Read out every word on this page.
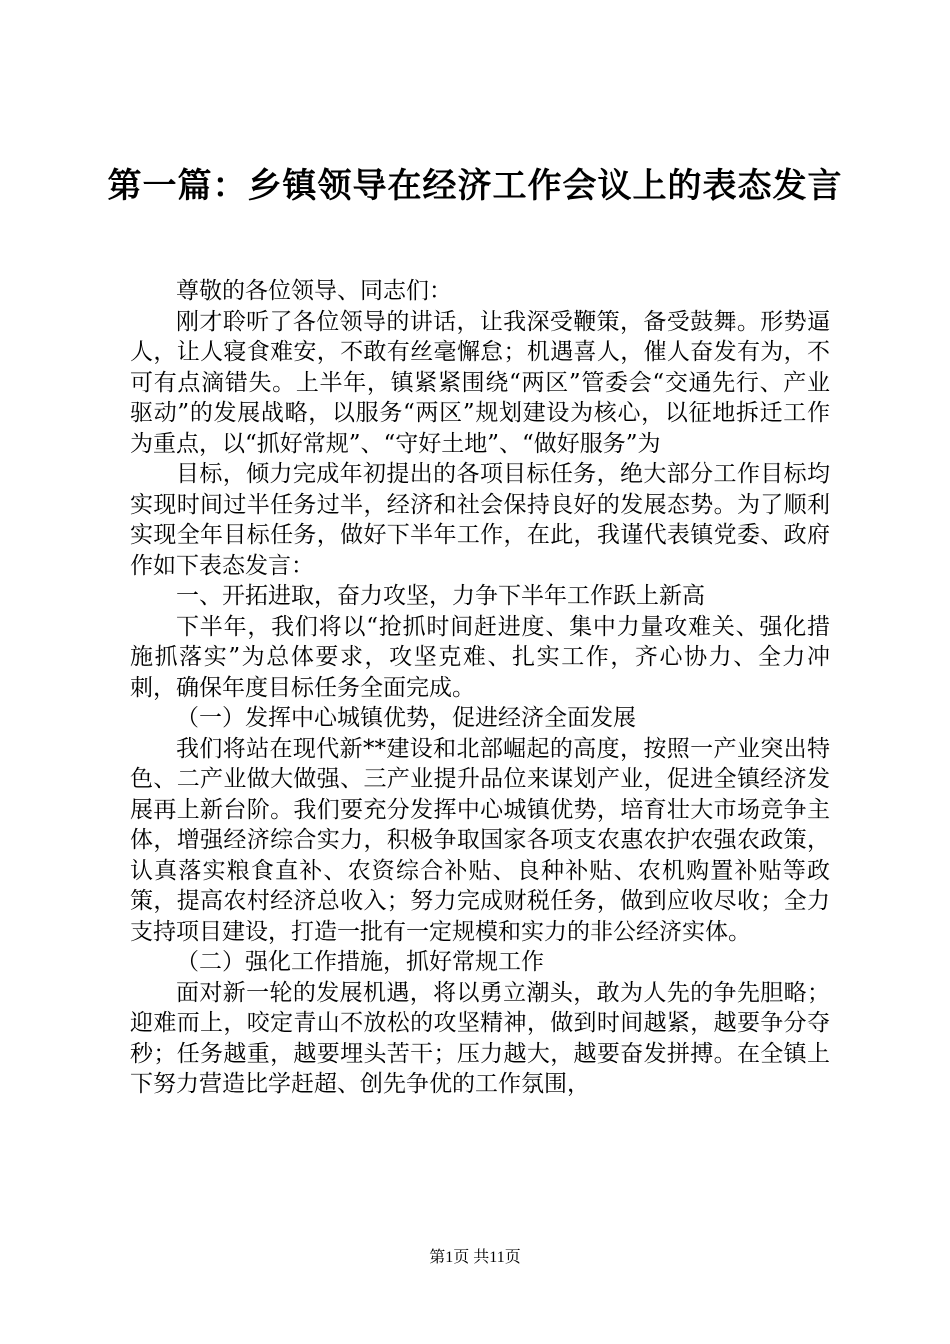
第一篇：乡镇领导在经济工作会议上的表态发言

尊敬的各位领导、同志们：

刚才聆听了各位领导的讲话，让我深受鞭策，备受鼓舞。形势逼人，让人寝食难安，不敢有丝毫懈怠；机遇喜人，催人奋发有为，不可有点滴错失。上半年，镇紧紧围绕“两区”管委会“交通先行、产业驱动”的发展战略，以服务“两区”规划建设为核心，以征地拆迁工作为重点，以“抓好常规”、“守好土地”、“做好服务”为

目标，倾力完成年初提出的各项目标任务，绝大部分工作目标均实现时间过半任务过半，经济和社会保持良好的发展态势。为了顺利实现全年目标任务，做好下半年工作，在此，我谨代表镇党委、政府作如下表态发言：

一、开拓进取，奋力攻坚，力争下半年工作跃上新高

下半年，我们将以“抢抓时间赶进度、集中力量攻难关、强化措施抓落实”为总体要求，攻坚克难、扎实工作，齐心协力、全力冲刺，确保年度目标任务全面完成。

（一）发挥中心城镇优势，促进经济全面发展

我们将站在现代新**建设和北部崛起的高度，按照一产业突出特色、二产业做大做强、三产业提升品位来谋划产业，促进全镇经济发展再上新台阶。我们要充分发挥中心城镇优势，培育壮大市场竞争主体，增强经济综合实力，积极争取国家各项支农惠农护农强农政策，认真落实粮食直补、农资综合补贴、良种补贴、农机购置补贴等政策，提高农村经济总收入；努力完成财税任务，做到应收尽收；全力支持项目建设，打造一批有一定规模和实力的非公经济实体。

（二）强化工作措施，抓好常规工作

面对新一轮的发展机遇，将以勇立潮头，敢为人先的争先胆略；迎难而上，咬定青山不放松的攻坚精神，做到时间越紧，越要争分夺秒；任务越重，越要埋头苦干；压力越大，越要奋发拼搏。在全镇上下努力营造比学赶超、创先争优的工作氛围，

第1页 共11页
